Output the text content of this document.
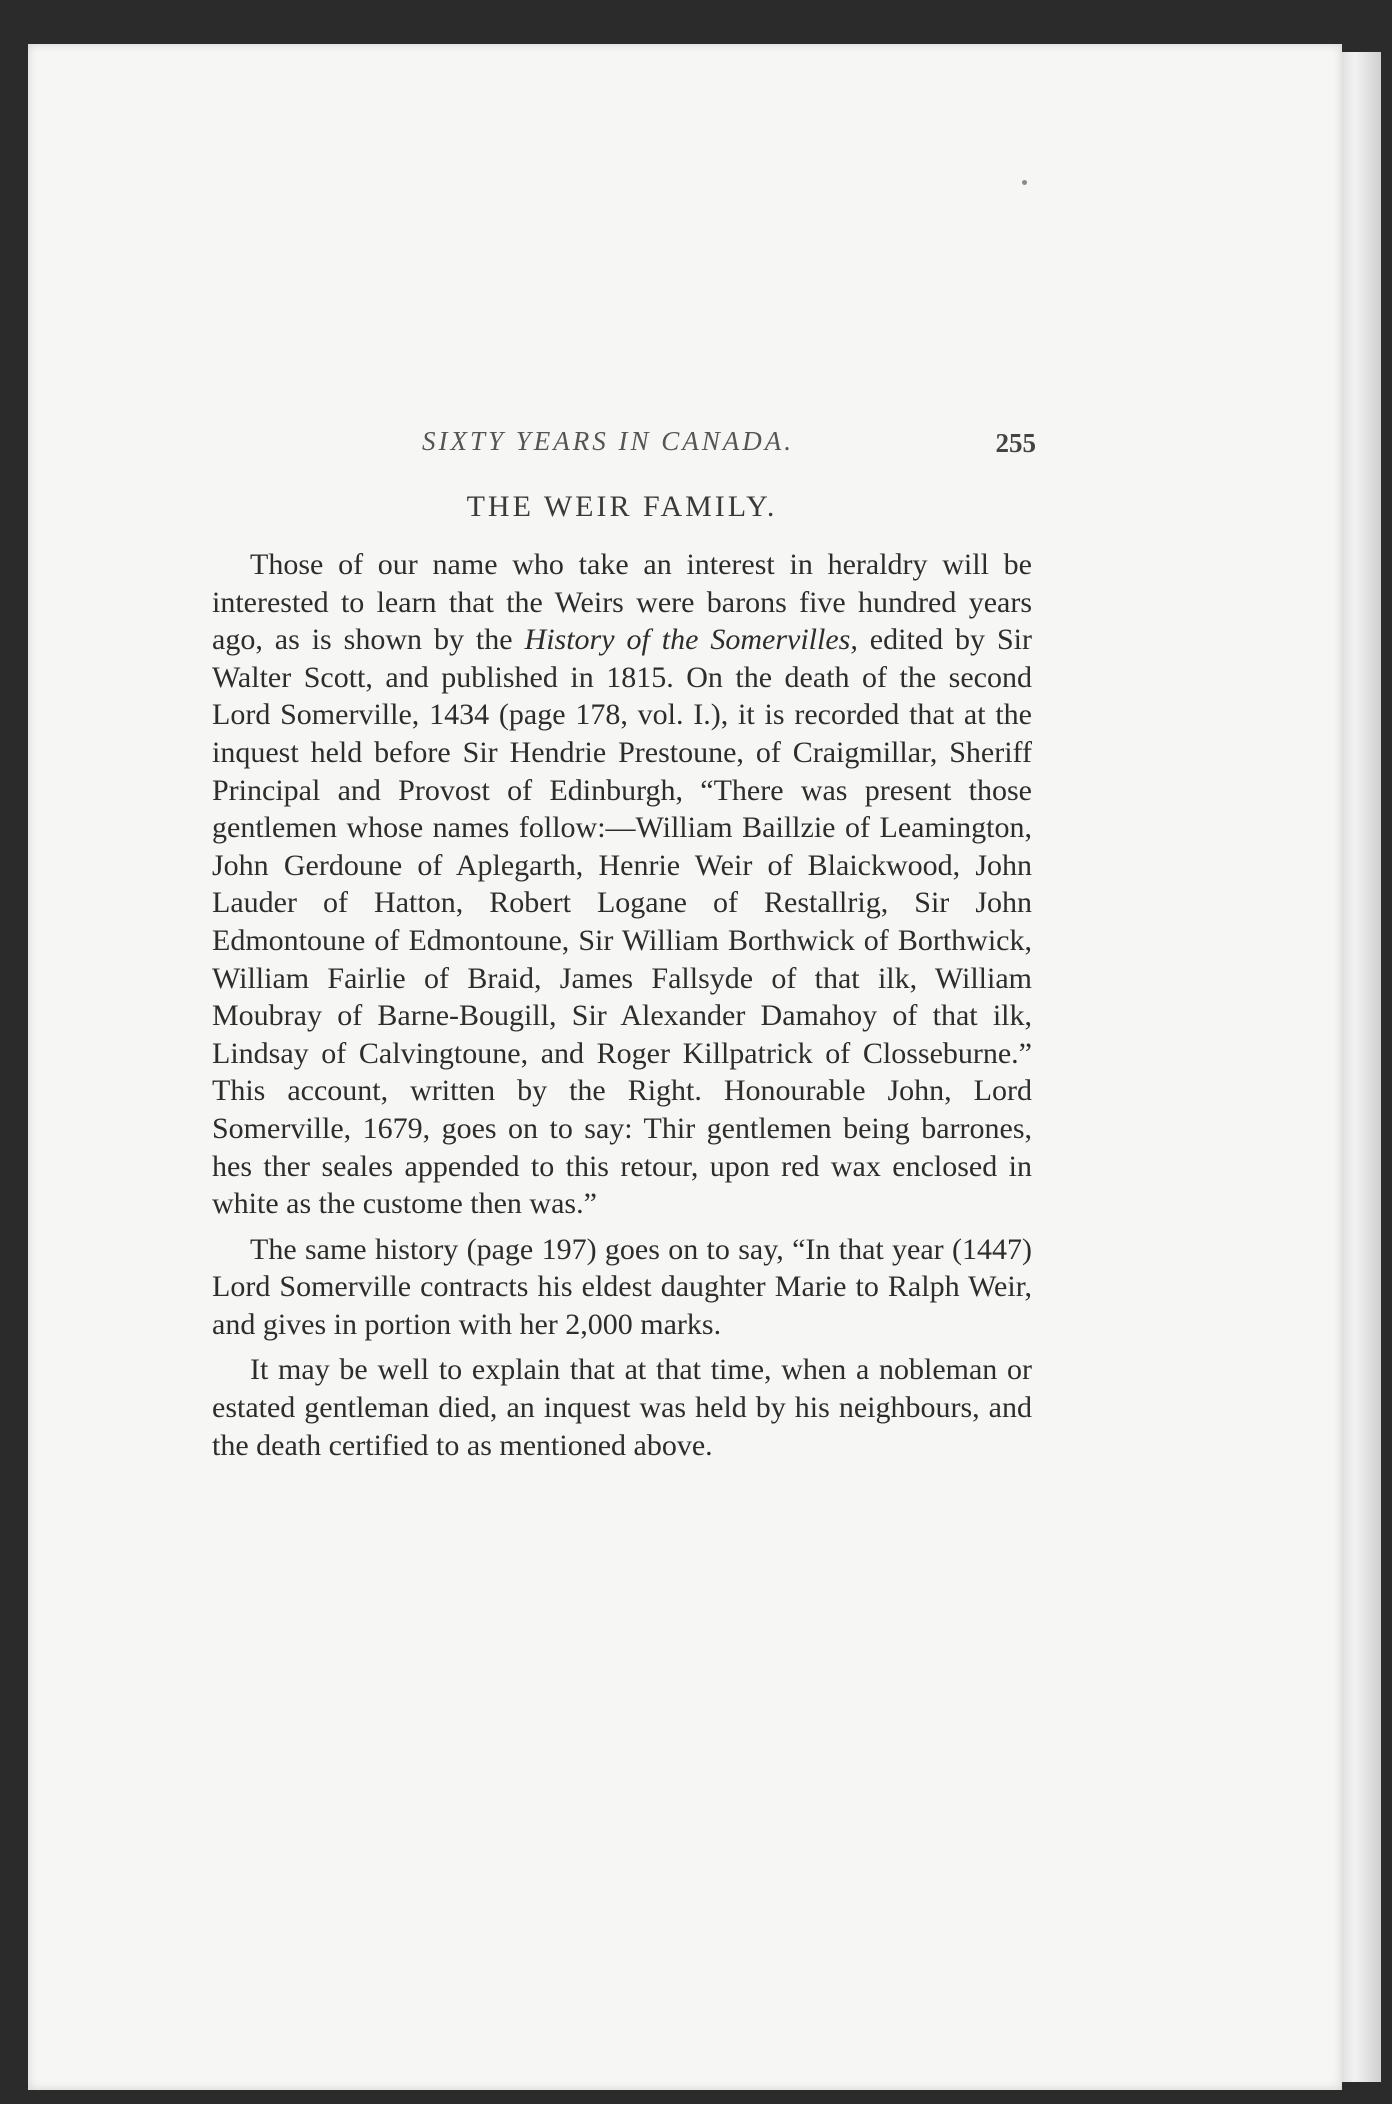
SIXTY YEARS IN CANADA.	255
THE WEIR FAMILY.

Those of our name who take an interest in heraldry will be interested to learn that the Weirs were barons five hundred years ago, as is shown by the History of the Somervilles, edited by Sir Walter Scott, and published in 1815. On the death of the second Lord Somerville, 1434 (page 178, vol. I.), it is recorded that at the inquest held before Sir Hendrie Prestoune, of Craigmillar, Sheriff Principal and Provost of Edinburgh, “There was present those gentlemen whose names follow:—William Baillzie of Leamington, John Gerdoune of Aplegarth, Henrie Weir of Blaickwood, John Lauder of Hatton, Robert Logane of Restallrig, Sir John Edmontoune of Edmontoune, Sir William Borthwick of Borthwick, William Fairlie of Braid, James Fallsyde of that ilk, William Moubray of Barne-Bougill, Sir Alexander Damahoy of that ilk, Lindsay of Calvingtoune, and Roger Killpatrick of Closseburne.” This account, written by the Right. Honourable John, Lord Somerville, 1679, goes on to say: Thir gentlemen being barrones, hes ther seales appended to this retour, upon red wax enclosed in white as the custome then was.”

The same history (page 197) goes on to say, “In that year (1447) Lord Somerville contracts his eldest daughter Marie to Ralph Weir, and gives in portion with her 2,000 marks.

It may be well to explain that at that time, when a nobleman or estated gentleman died, an inquest was held by his neighbours, and the death certified to as mentioned above.
